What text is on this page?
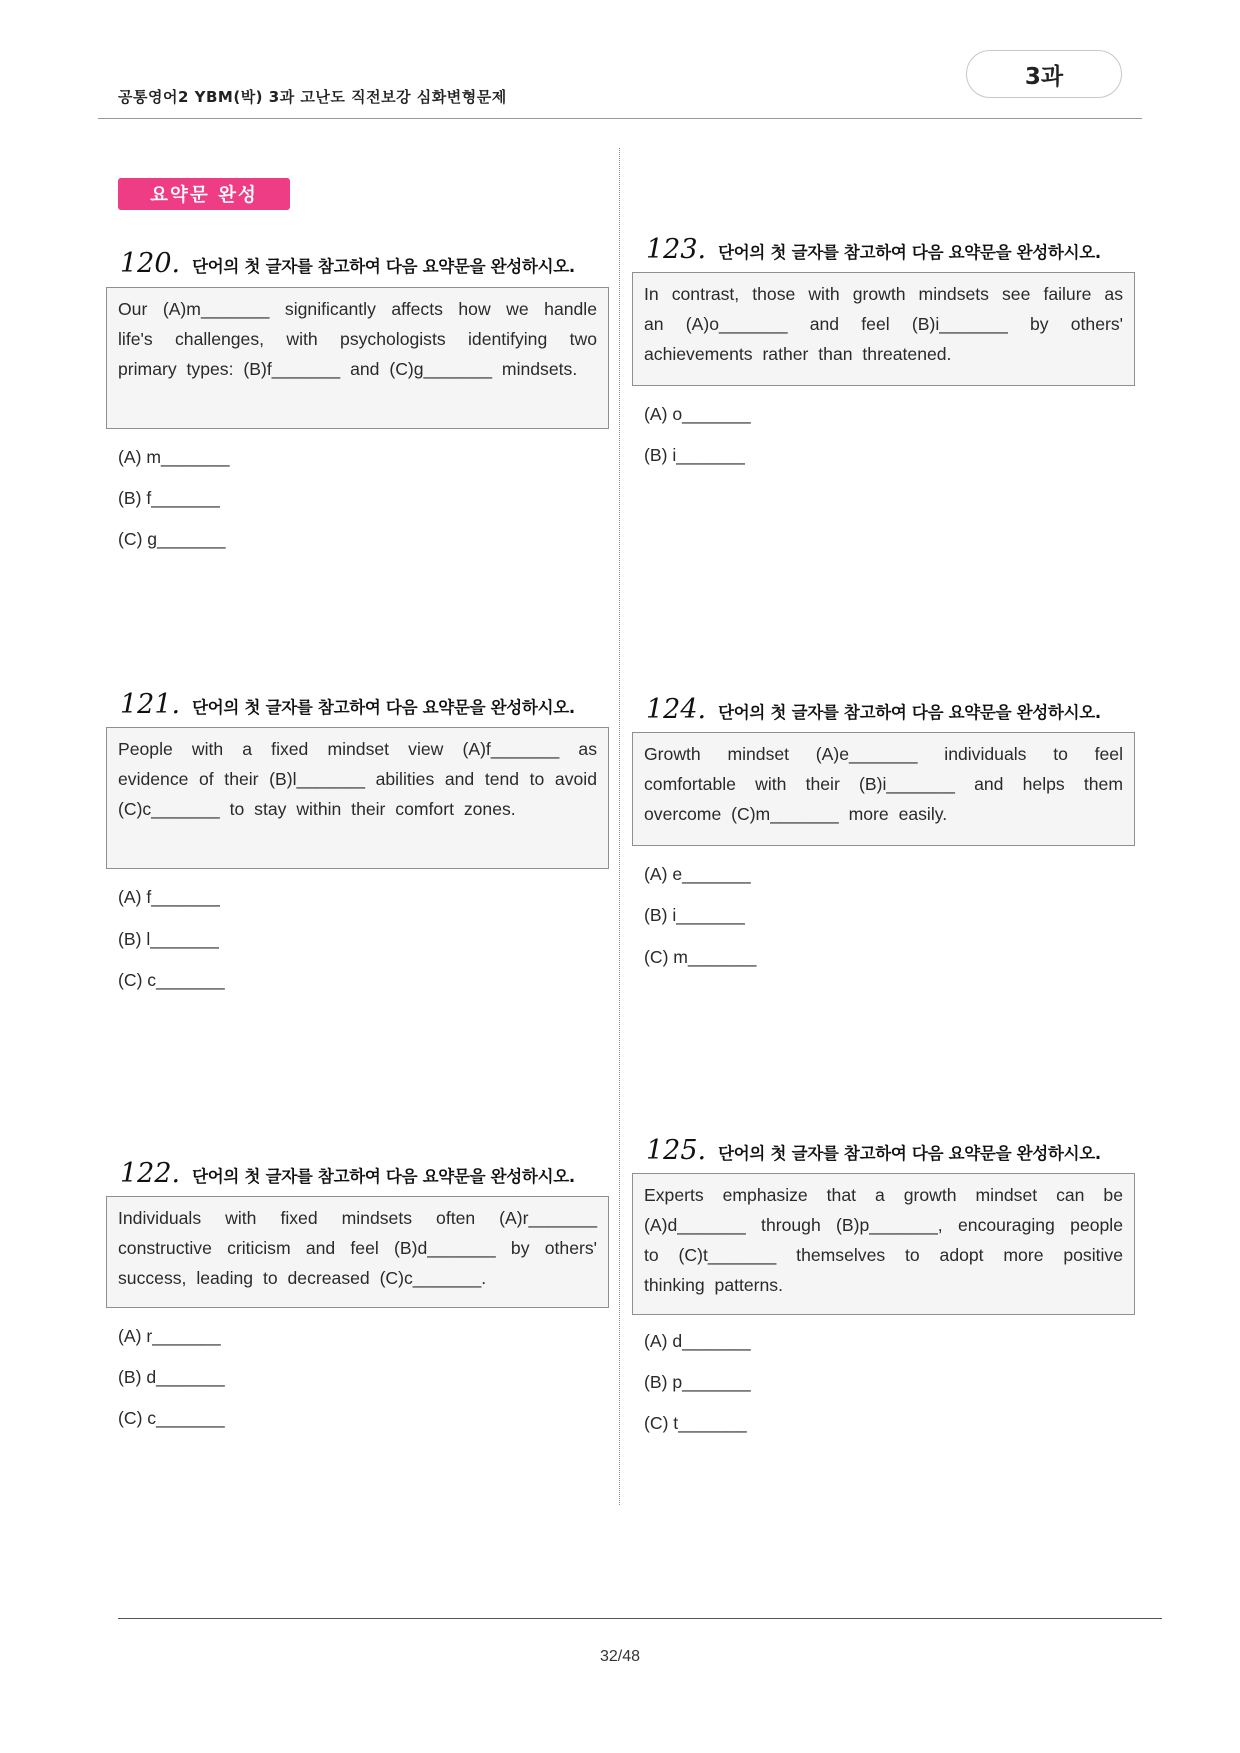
공통영어2 YBM(박) 3과 고난도 직전보강 심화변형문제
3과
요약문 완성
120. 단어의 첫 글자를 참고하여 다음 요약문을 완성하시오.
Our (A)m_______ significantly affects how we handle life's challenges, with psychologists identifying two primary types: (B)f_______ and (C)g_______ mindsets.
(A) m_______
(B) f_______
(C) g_______
121. 단어의 첫 글자를 참고하여 다음 요약문을 완성하시오.
People with a fixed mindset view (A)f_______ as evidence of their (B)l_______ abilities and tend to avoid (C)c_______ to stay within their comfort zones.
(A) f_______
(B) l_______
(C) c_______
122. 단어의 첫 글자를 참고하여 다음 요약문을 완성하시오.
Individuals with fixed mindsets often (A)r_______ constructive criticism and feel (B)d_______ by others' success, leading to decreased (C)c_______.
(A) r_______
(B) d_______
(C) c_______
123. 단어의 첫 글자를 참고하여 다음 요약문을 완성하시오.
In contrast, those with growth mindsets see failure as an (A)o_______ and feel (B)i_______ by others' achievements rather than threatened.
(A) o_______
(B) i_______
124. 단어의 첫 글자를 참고하여 다음 요약문을 완성하시오.
Growth mindset (A)e_______ individuals to feel comfortable with their (B)i_______ and helps them overcome (C)m_______ more easily.
(A) e_______
(B) i_______
(C) m_______
125. 단어의 첫 글자를 참고하여 다음 요약문을 완성하시오.
Experts emphasize that a growth mindset can be (A)d_______ through (B)p_______, encouraging people to (C)t_______ themselves to adopt more positive thinking patterns.
(A) d_______
(B) p_______
(C) t_______
32/48
